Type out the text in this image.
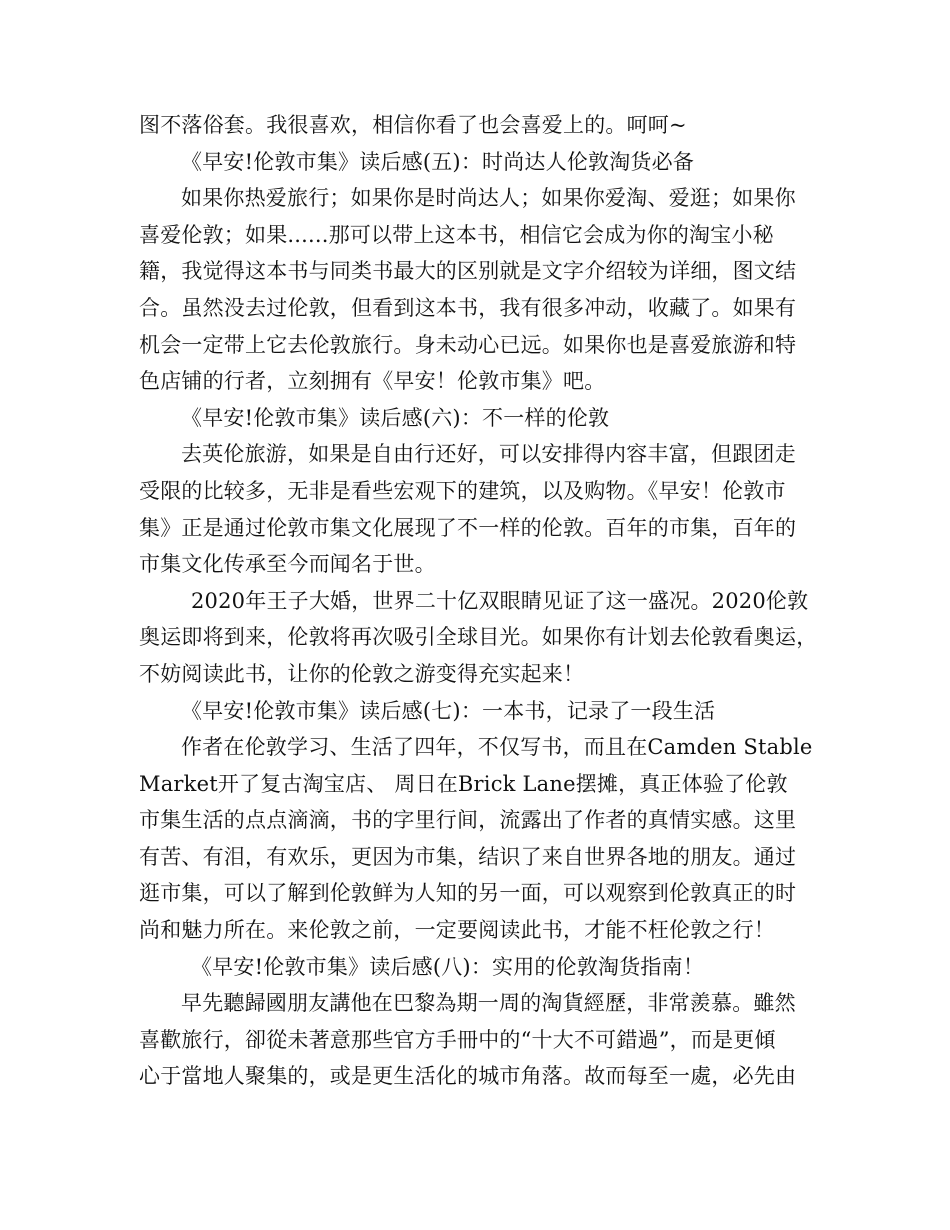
图不落俗套。我很喜欢，相信你看了也会喜爱上的。呵呵~
《早安!伦敦市集》读后感(五)：时尚达人伦敦淘货必备
如果你热爱旅行；如果你是时尚达人；如果你爱淘、爱逛；如果你
喜爱伦敦；如果......那可以带上这本书，相信它会成为你的淘宝小秘
籍，我觉得这本书与同类书最大的区别就是文字介绍较为详细，图文结
合。虽然没去过伦敦，但看到这本书，我有很多冲动，收藏了。如果有
机会一定带上它去伦敦旅行。身未动心已远。如果你也是喜爱旅游和特
色店铺的行者，立刻拥有《早安！伦敦市集》吧。
《早安!伦敦市集》读后感(六)：不一样的伦敦
去英伦旅游，如果是自由行还好，可以安排得内容丰富，但跟团走
受限的比较多，无非是看些宏观下的建筑，以及购物。《早安！伦敦市
集》正是通过伦敦市集文化展现了不一样的伦敦。百年的市集，百年的
市集文化传承至今而闻名于世。
2020年王子大婚，世界二十亿双眼睛见证了这一盛况。2020伦敦
奥运即将到来，伦敦将再次吸引全球目光。如果你有计划去伦敦看奥运，
不妨阅读此书，让你的伦敦之游变得充实起来！
《早安!伦敦市集》读后感(七)：一本书，记录了一段生活
作者在伦敦学习、生活了四年，不仅写书，而且在Camden Stable
Market开了复古淘宝店、 周日在Brick Lane摆摊，真正体验了伦敦
市集生活的点点滴滴，书的字里行间，流露出了作者的真情实感。这里
有苦、有泪，有欢乐，更因为市集，结识了来自世界各地的朋友。通过
逛市集，可以了解到伦敦鲜为人知的另一面，可以观察到伦敦真正的时
尚和魅力所在。来伦敦之前，一定要阅读此书，才能不枉伦敦之行！
《早安!伦敦市集》读后感(八)：实用的伦敦淘货指南！
早先聽歸國朋友講他在巴黎為期一周的淘貨經歷，非常羨慕。雖然
喜歡旅行，卻從未著意那些官方手冊中的“十大不可錯過”，而是更傾
心于當地人聚集的，或是更生活化的城市角落。故而每至一處，必先由
